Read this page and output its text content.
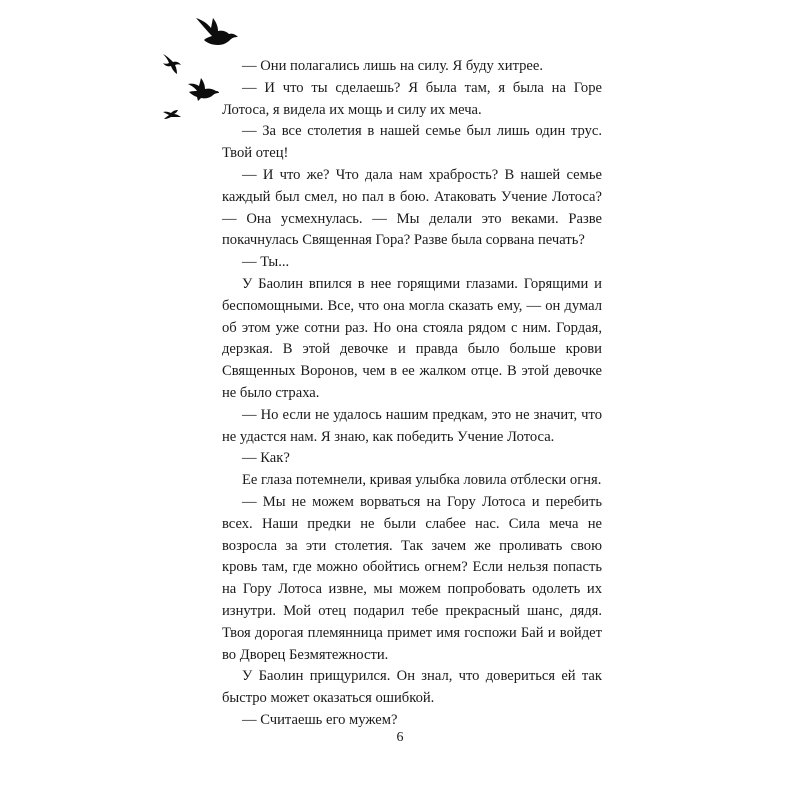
— Они полагались лишь на силу. Я буду хитрее.

— И что ты сделаешь? Я была там, я была на Горе Лотоса, я видела их мощь и силу их меча.

— За все столетия в нашей семье был лишь один трус. Твой отец!

— И что же? Что дала нам храбрость? В нашей семье каждый был смел, но пал в бою. Атаковать Учение Лотоса? — Она усмехнулась. — Мы делали это веками. Разве покачнулась Священная Гора? Разве была сорвана печать?

— Ты...

У Баолин впился в нее горящими глазами. Горящими и беспомощными. Все, что она могла сказать ему, — он думал об этом уже сотни раз. Но она стояла рядом с ним. Гордая, дерзкая. В этой девочке и правда было больше крови Священных Воронов, чем в ее жалком отце. В этой девочке не было страха.

— Но если не удалось нашим предкам, это не значит, что не удастся нам. Я знаю, как победить Учение Лотоса.

— Как?

Ее глаза потемнели, кривая улыбка ловила отблески огня.

— Мы не можем ворваться на Гору Лотоса и перебить всех. Наши предки не были слабее нас. Сила меча не возросла за эти столетия. Так зачем же проливать свою кровь там, где можно обойтись огнем? Если нельзя попасть на Гору Лотоса извне, мы можем попробовать одолеть их изнутри. Мой отец подарил тебе прекрасный шанс, дядя. Твоя дорогая племянница примет имя госпожи Бай и войдет во Дворец Безмятежности.

У Баолин прищурился. Он знал, что довериться ей так быстро может оказаться ошибкой.

— Считаешь его мужем?

6
